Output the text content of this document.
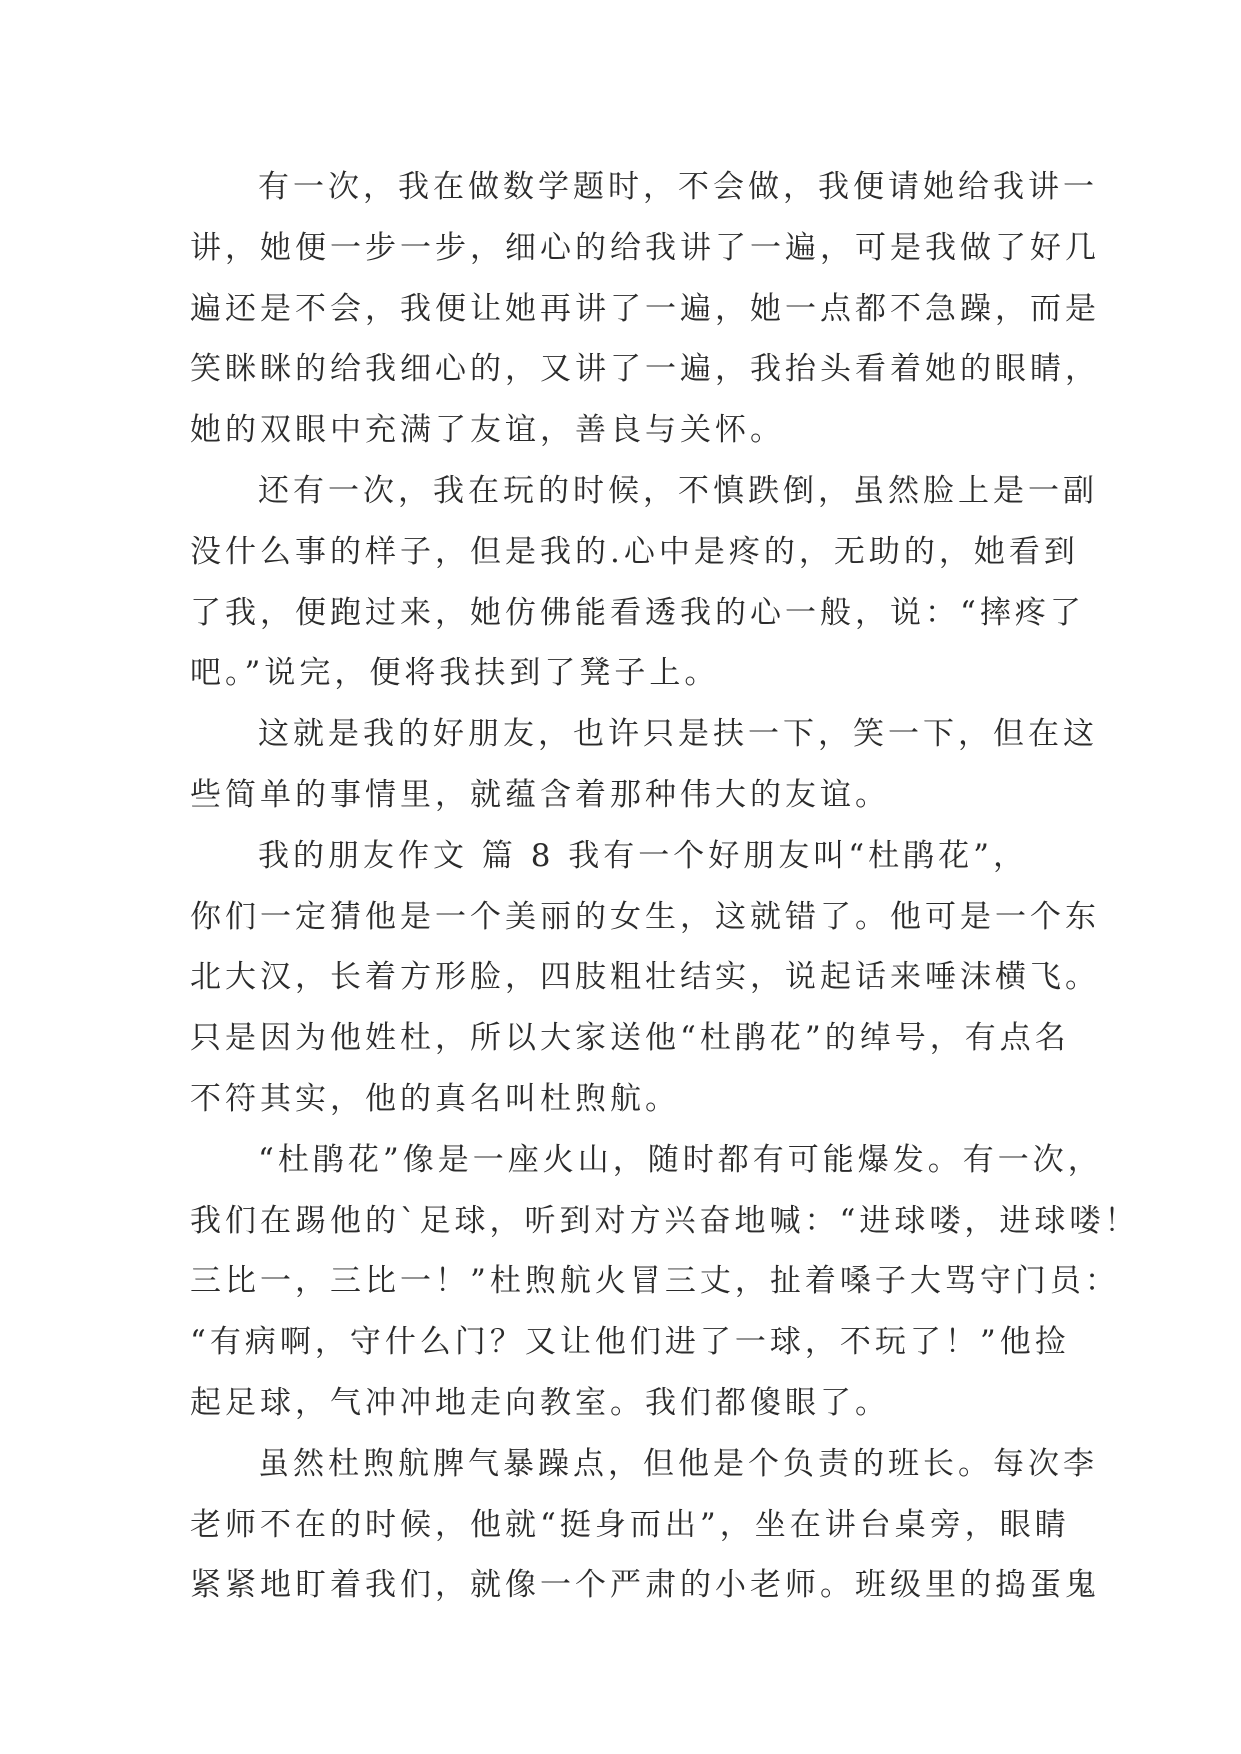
有一次，我在做数学题时，不会做，我便请她给我讲一
讲，她便一步一步，细心的给我讲了一遍，可是我做了好几
遍还是不会，我便让她再讲了一遍，她一点都不急躁，而是
笑眯眯的给我细心的，又讲了一遍，我抬头看着她的眼睛，
她的双眼中充满了友谊，善良与关怀。
还有一次，我在玩的时候，不慎跌倒，虽然脸上是一副
没什么事的样子，但是我的.心中是疼的，无助的，她看到
了我，便跑过来，她仿佛能看透我的心一般，说：“摔疼了
吧。”说完，便将我扶到了凳子上。
这就是我的好朋友，也许只是扶一下，笑一下，但在这
些简单的事情里，就蕴含着那种伟大的友谊。
我的朋友作文 篇 8 我有一个好朋友叫“杜鹃花”，
你们一定猜他是一个美丽的女生，这就错了。他可是一个东
北大汉，长着方形脸，四肢粗壮结实，说起话来唾沫横飞。
只是因为他姓杜，所以大家送他“杜鹃花”的绰号，有点名
不符其实，他的真名叫杜煦航。
“杜鹃花”像是一座火山，随时都有可能爆发。有一次，
我们在踢他的`足球，听到对方兴奋地喊：“进球喽，进球喽！
三比一，三比一！”杜煦航火冒三丈，扯着嗓子大骂守门员：
“有病啊，守什么门？又让他们进了一球，不玩了！”他捡
起足球，气冲冲地走向教室。我们都傻眼了。
虽然杜煦航脾气暴躁点，但他是个负责的班长。每次李
老师不在的时候，他就“挺身而出”，坐在讲台桌旁，眼睛
紧紧地盯着我们，就像一个严肃的小老师。班级里的捣蛋鬼
